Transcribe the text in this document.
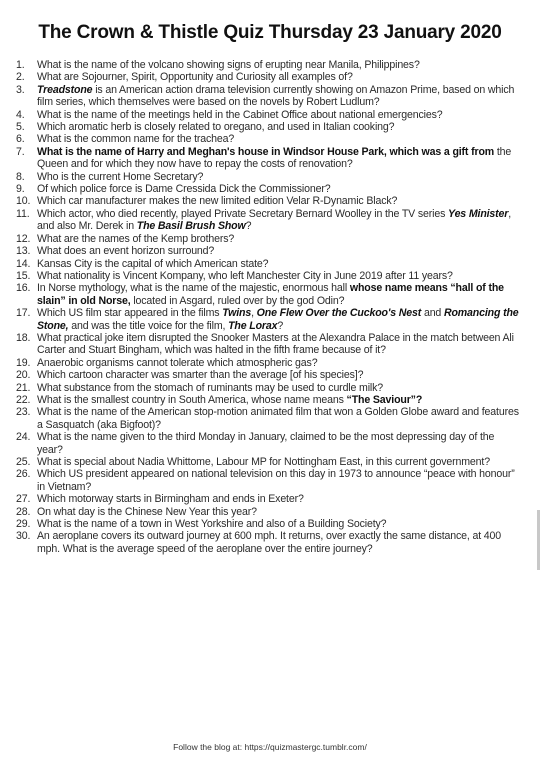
The Crown & Thistle Quiz Thursday 23 January 2020
1.	What is the name of the volcano showing signs of erupting near Manila, Philippines?
2.	What are Sojourner, Spirit, Opportunity and Curiosity all examples of?
3.	Treadstone is an American action drama television currently showing on Amazon Prime, based on which film series, which themselves were based on the novels by Robert Ludlum?
4.	What is the name of the meetings held in the Cabinet Office about national emergencies?
5.	Which aromatic herb is closely related to oregano, and used in Italian cooking?
6.	What is the common name for the trachea?
7.	What is the name of Harry and Meghan's house in Windsor House Park, which was a gift from the Queen and for which they now have to repay the costs of renovation?
8.	Who is the current Home Secretary?
9.	Of which police force is Dame Cressida Dick the Commissioner?
10. Which car manufacturer makes the new limited edition Velar R-Dynamic Black?
11. Which actor, who died recently, played Private Secretary Bernard Woolley in the TV series Yes Minister, and also Mr. Derek in The Basil Brush Show?
12. What are the names of the Kemp brothers?
13. What does an event horizon surround?
14. Kansas City is the capital of which American state?
15. What nationality is Vincent Kompany, who left Manchester City in June 2019 after 11 years?
16. In Norse mythology, what is the name of the majestic, enormous hall whose name means “hall of the slain” in old Norse, located in Asgard, ruled over by the god Odin?
17. Which US film star appeared in the films Twins, One Flew Over the Cuckoo's Nest and Romancing the Stone, and was the title voice for the film, The Lorax?
18. What practical joke item disrupted the Snooker Masters at the Alexandra Palace in the match between Ali Carter and Stuart Bingham, which was halted in the fifth frame because of it?
19. Anaerobic organisms cannot tolerate which atmospheric gas?
20. Which cartoon character was smarter than the average [of his species]?
21. What substance from the stomach of ruminants may be used to curdle milk?
22. What is the smallest country in South America, whose name means “The Saviour”?
23. What is the name of the American stop-motion animated film that won a Golden Globe award and features a Sasquatch (aka Bigfoot)?
24. What is the name given to the third Monday in January, claimed to be the most depressing day of the year?
25. What is special about Nadia Whittome, Labour MP for Nottingham East, in this current government?
26. Which US president appeared on national television on this day in 1973 to announce “peace with honour” in Vietnam?
27. Which motorway starts in Birmingham and ends in Exeter?
28. On what day is the Chinese New Year this year?
29. What is the name of a town in West Yorkshire and also of a Building Society?
30. An aeroplane covers its outward journey at 600 mph. It returns, over exactly the same distance, at 400 mph. What is the average speed of the aeroplane over the entire journey?
Follow the blog at: https://quizmastergc.tumblr.com/
